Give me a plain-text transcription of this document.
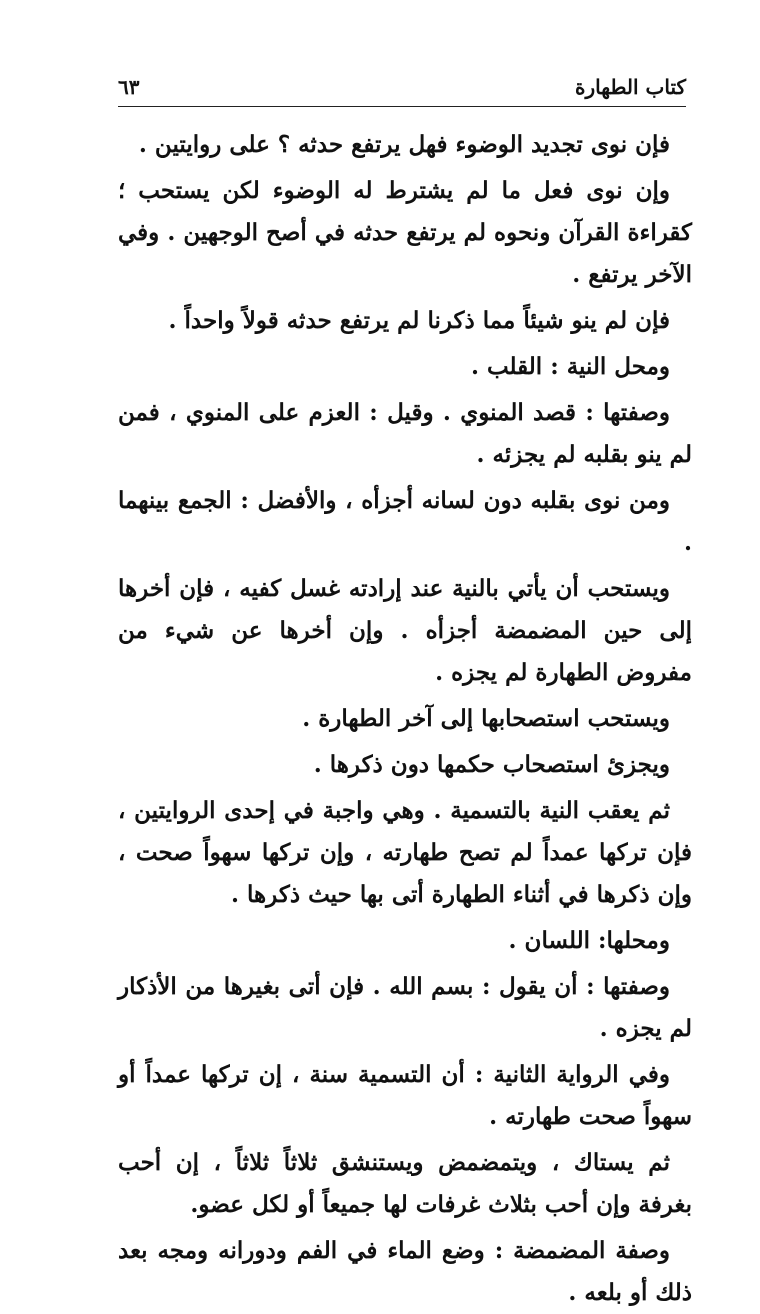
كتاب الطهارة
٦٣

فإن نوى تجديد الوضوء فهل يرتفع حدثه ؟ على روايتين .

وإن نوى فعل ما لم يشترط له الوضوء لكن يستحب ؛ كقراءة القرآن ونحوه لم يرتفع حدثه في أصح الوجهين . وفي الآخر يرتفع .

فإن لم ينو شيئاً مما ذكرنا لم يرتفع حدثه قولاً واحداً .

ومحل النية : القلب .

وصفتها : قصد المنوي . وقيل : العزم على المنوي ، فمن لم ينو بقلبه لم يجزئه .

ومن نوى بقلبه دون لسانه أجزأه ، والأفضل : الجمع بينهما .

ويستحب أن يأتي بالنية عند إرادته غسل كفيه ، فإن أخرها إلى حين المضمضة أجزأه . وإن أخرها عن شيء من مفروض الطهارة لم يجزه .

ويستحب استصحابها إلى آخر الطهارة .

ويجزئ استصحاب حكمها دون ذكرها .

ثم يعقب النية بالتسمية . وهي واجبة في إحدى الروايتين ، فإن تركها عمداً لم تصح طهارته ، وإن تركها سهواً صحت ، وإن ذكرها في أثناء الطهارة أتى بها حيث ذكرها .

ومحلها: اللسان .

وصفتها : أن يقول : بسم الله . فإن أتى بغيرها من الأذكار لم يجزه .

وفي الرواية الثانية : أن التسمية سنة ، إن تركها عمداً أو سهواً صحت طهارته .

ثم يستاك ، ويتمضمض ويستنشق ثلاثاً ثلاثاً ، إن أحب بغرفة وإن أحب بثلاث غرفات لها جميعاً أو لكل عضو.

وصفة المضمضة : وضع الماء في الفم ودورانه ومجه بعد ذلك أو بلعه .
